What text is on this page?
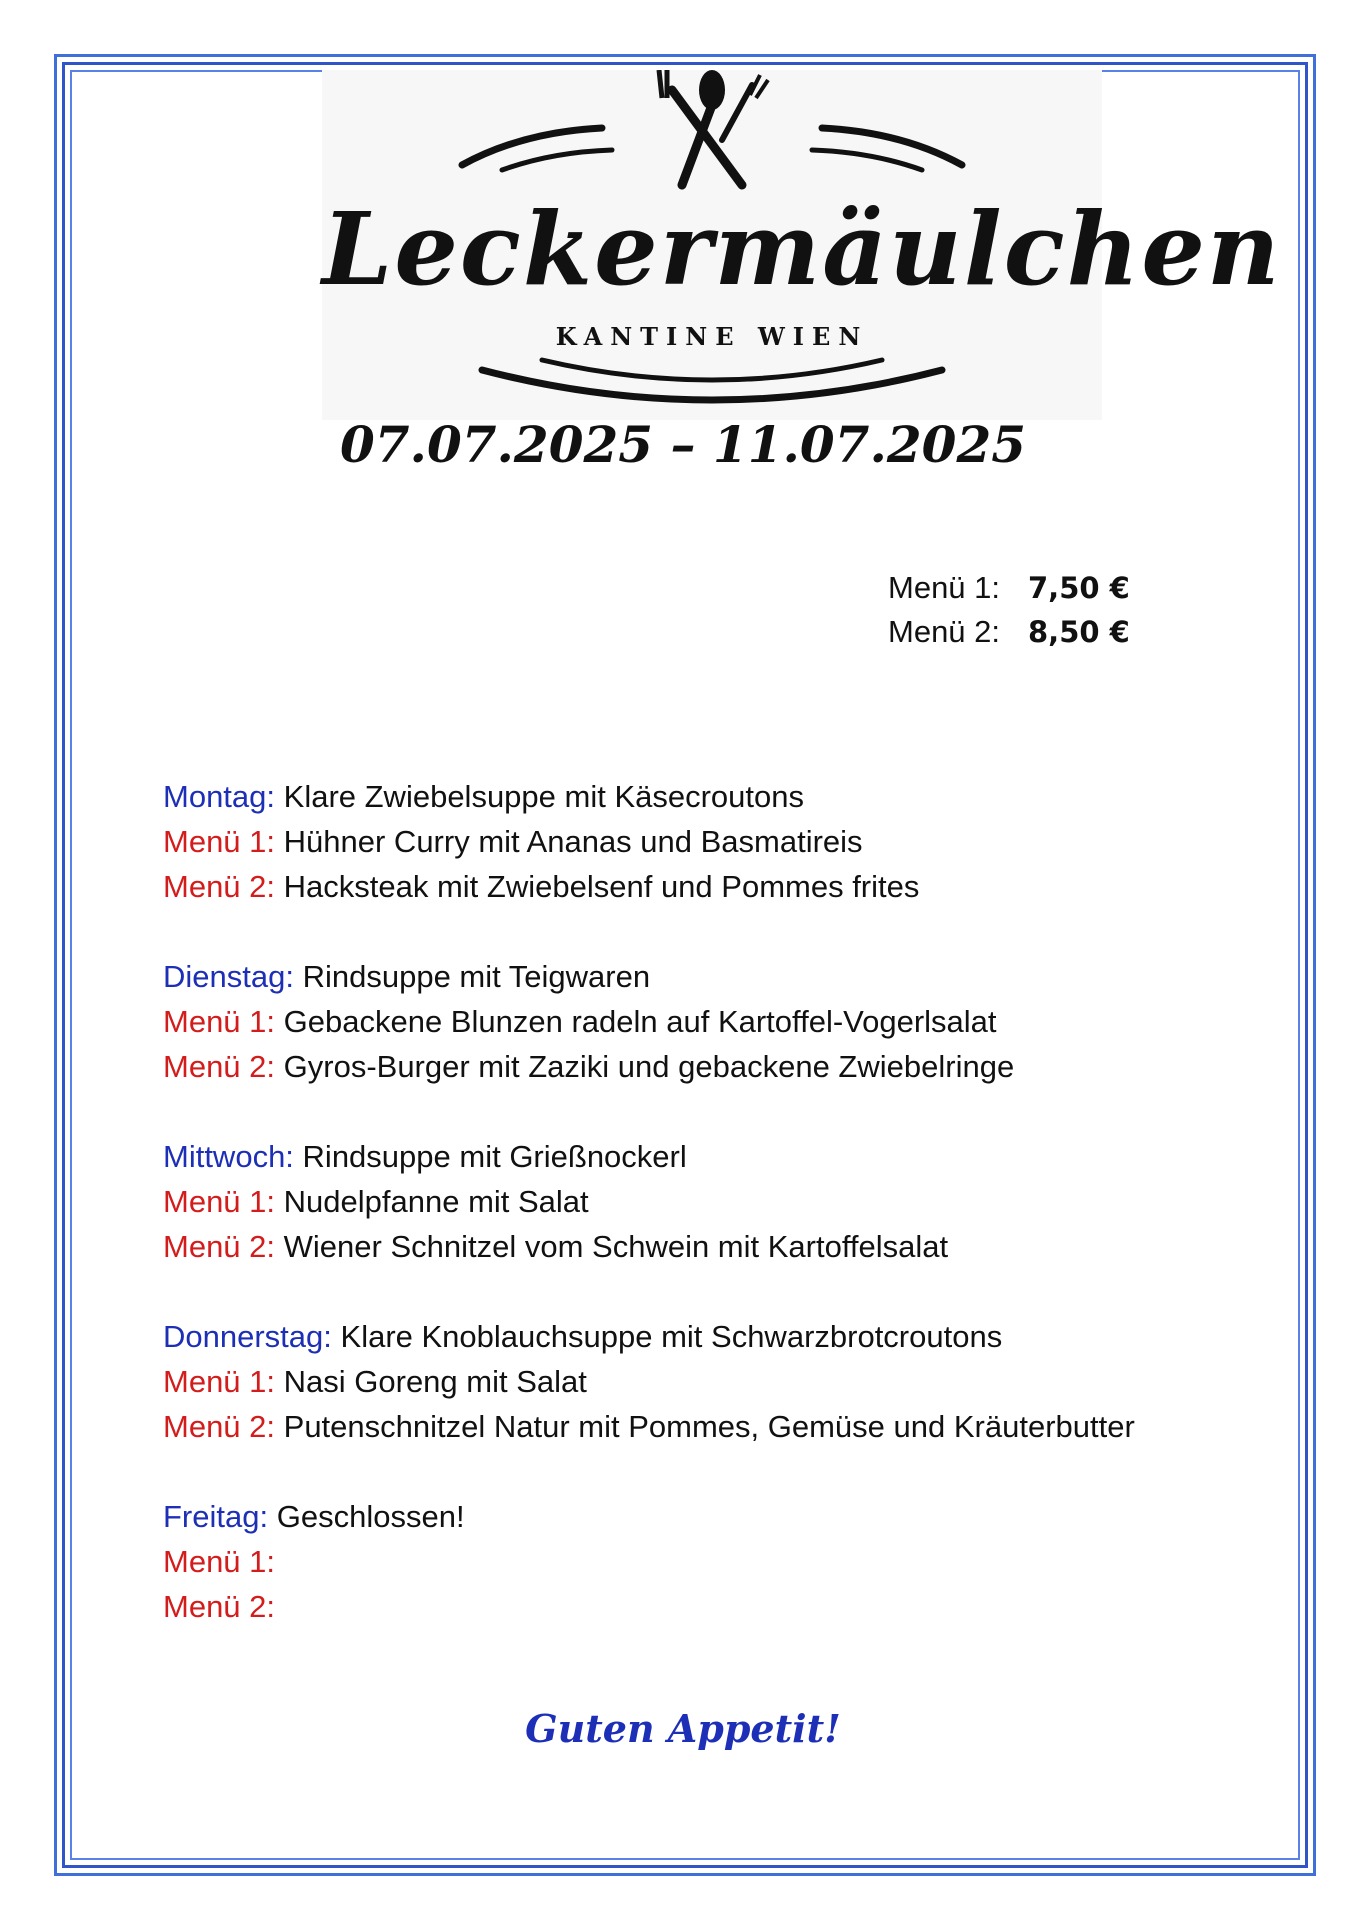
Leckermäulchen
KANTINE WIEN
07.07.2025 – 11.07.2025
Menü 1: 7,50 €
Menü 2: 8,50 €
Montag: Klare Zwiebelsuppe mit Käsecroutons
Menü 1: Hühner Curry mit Ananas und Basmatireis
Menü 2: Hacksteak mit Zwiebelsenf und Pommes frites
Dienstag: Rindsuppe mit Teigwaren
Menü 1: Gebackene Blunzen radeln auf Kartoffel-Vogerlsalat
Menü 2: Gyros-Burger mit Zaziki und gebackene Zwiebelringe
Mittwoch: Rindsuppe mit Grießnockerl
Menü 1: Nudelpfanne mit Salat
Menü 2: Wiener Schnitzel vom Schwein mit Kartoffelsalat
Donnerstag: Klare Knoblauchsuppe mit Schwarzbrotcroutons
Menü 1: Nasi Goreng mit Salat
Menü 2: Putenschnitzel Natur mit Pommes, Gemüse und Kräuterbutter
Freitag: Geschlossen!
Menü 1:
Menü 2:
Guten Appetit!
